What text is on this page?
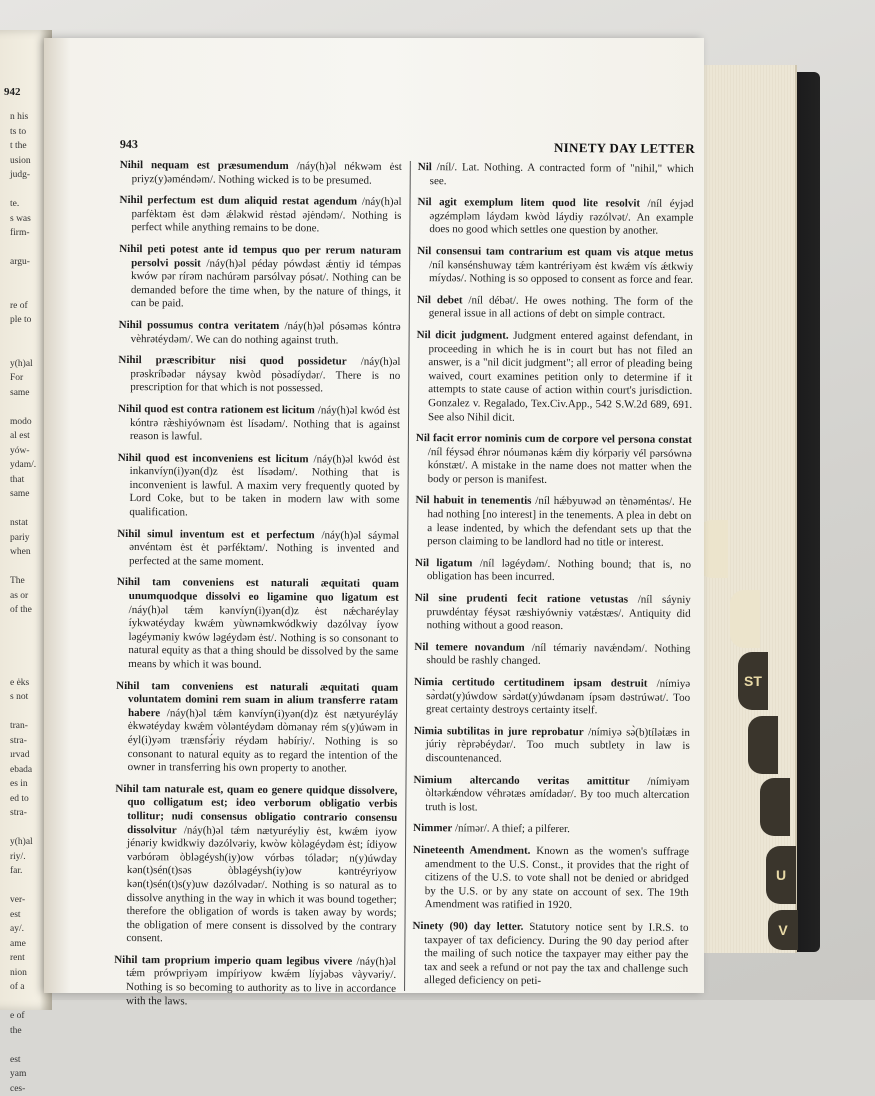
ST
U
V
942
n his
ts to
t the
usion
judg-

te.
s was
firm-

argu-

re of
ple to

y(h)al
For
same

modo
al est
yów-
ydam/.
that
same

nstat
pariy
when

The
as or
of the

e ėks
s not

tran-
stra-
ırvad
ebada
es in
ed to
stra-

y(h)al
riy/.
far.

ver-
est
ay/.
ame
rent
nion
of a

e of
the

est
yam
ces-
943	NINETY DAY LETTER

Nihil nequam est præsumendum /náy(h)əl nékwəm ėst priyz(y)əméndəm/. Nothing wicked is to be presumed.

Nihil perfectum est dum aliquid restat agendum /náy(h)əl parfėktəm ėst dəm ǽləkwid rėstəd əjėndəm/. Nothing is perfect while anything remains to be done.

Nihil peti potest ante id tempus quo per rerum naturam persolvi possit /náy(h)əl péday pówdəst ǽntiy id témpəs kwów pər rírəm nachúrəm parsólvay pósət/. Nothing can be demanded before the time when, by the nature of things, it can be paid.

Nihil possumus contra veritatem /náy(h)əl pósəməs kóntrə vèhrətéydəm/. We can do nothing against truth.

Nihil præscribitur nisi quod possidetur /náy(h)əl prəskríbədər náysay kwòd pòsədíydər/. There is no prescription for that which is not possessed.

Nihil quod est contra rationem est licitum /náy(h)əl kwód ėst kóntrə ræ̀shiyównəm ėst lísədəm/. Nothing that is against reason is lawful.

Nihil quod est inconveniens est licitum /náy(h)əl kwód ėst inkanvíyn(i)yən(d)z ėst lísədəm/. Nothing that is inconvenient is lawful. A maxim very frequently quoted by Lord Coke, but to be taken in modern law with some qualification.

Nihil simul inventum est et perfectum /náy(h)əl sáyməl ənvéntəm ėst ėt pərféktəm/. Nothing is invented and perfected at the same moment.

Nihil tam conveniens est naturali æquitati quam unumquodque dissolvi eo ligamine quo ligatum est /náy(h)əl tǽm kənvíyn(i)yən(d)z ėst nǽcharéylay íykwətéyday kwǽm yùwnəmkwódkwiy dəzólvay íyow ləgéyməniy kwów ləgéydəm ėst/. Nothing is so consonant to natural equity as that a thing should be dissolved by the same means by which it was bound.

Nihil tam conveniens est naturali æquitati quam voluntatem domini rem suam in alium transferre ratam habere /náy(h)əl tǽm kənvíyn(i)yən(d)z ėst nætyuréyláy ėkwətéyday kwǽm vòləntéydəm dòmənay rém s(y)úwəm in éyl(i)yəm trænsfə́riy réydəm həbíriy/. Nothing is so consonant to natural equity as to regard the intention of the owner in transferring his own property to another.

Nihil tam naturale est, quam eo genere quidque dissolvere, quo colligatum est; ideo verborum obligatio verbis tollitur; nudi consensus obligatio contrario consensu dissolvitur /náy(h)əl tǽm nætyuréyliy ėst, kwǽm iyow jénəriy kwidkwiy dəzólvəriy, kwòw kòləgéydəm ėst; ídiyow vərbórəm òbləgéysh(iy)ow vórbəs tóladər; n(y)úwday kən(t)sén(t)səs òbləgéysh(iy)ow kəntréyriyow kən(t)sén(t)s(y)uw dəzólvədər/. Nothing is so natural as to dissolve anything in the way in which it was bound together; therefore the obligation of words is taken away by words; the obligation of mere consent is dissolved by the contrary consent.

Nihil tam proprium imperio quam legibus vivere /náy(h)əl tǽm prówpriyəm impíriyow kwǽm líyjəbəs vàyvəriy/. Nothing is so becoming to authority as to live in accordance with the laws.

Nil /níl/. Lat. Nothing. A contracted form of "nihil," which see.

Nil agit exemplum litem quod lite resolvit /níl éyjəd əgzémpləm láydəm kwòd láydiy rəzólvət/. An example does no good which settles one question by another.

Nil consensui tam contrarium est quam vis atque metus /níl kənsénshuway tǽm kəntrériyəm ėst kwǽm vís ǽtkwiy míydəs/. Nothing is so opposed to consent as force and fear.

Nil debet /níl débət/. He owes nothing. The form of the general issue in all actions of debt on simple contract.

Nil dicit judgment. Judgment entered against defendant, in proceeding in which he is in court but has not filed an answer, is a "nil dicit judgment"; all error of pleading being waived, court examines petition only to determine if it attempts to state cause of action within court's jurisdiction. Gonzalez v. Regalado, Tex.Civ.App., 542 S.W.2d 689, 691. See also Nihil dicit.

Nil facit error nominis cum de corpore vel persona constat /níl féysəd éhrər nóumənəs kǽm diy kórpəriy vél pərsównə kónstæt/. A mistake in the name does not matter when the body or person is manifest.

Nil habuit in tenementis /níl hǽbyuwəd ən tènəméntəs/. He had nothing [no interest] in the tenements. A plea in debt on a lease indented, by which the defendant sets up that the person claiming to be landlord had no title or interest.

Nil ligatum /níl ləgéydəm/. Nothing bound; that is, no obligation has been incurred.

Nil sine prudenti fecit ratione vetustas /níl sáyniy pruwdéntay féysət ræshiyówniy vətǽstæs/. Antiquity did nothing without a good reason.

Nil temere novandum /níl témariy navǽndəm/. Nothing should be rashly changed.

Nimia certitudo certitudinem ipsam destruit /nímiyə sə̀rdət(y)úwdow sə̀rdət(y)úwdənəm ípsəm dəstrúwət/. Too great certainty destroys certainty itself.

Nimia subtilitas in jure reprobatur /nímiyə sə̀(b)tíləṫæs in júriy rèprəbéydər/. Too much subtlety in law is discountenanced.

Nimium altercando veritas amittitur /nímiyəm òltərkǽndow véhrətæs əmídadər/. By too much altercation truth is lost.

Nimmer /nímər/. A thief; a pilferer.

Nineteenth Amendment. Known as the women's suffrage amendment to the U.S. Const., it provides that the right of citizens of the U.S. to vote shall not be denied or abridged by the U.S. or by any state on account of sex. The 19th Amendment was ratified in 1920.

Ninety (90) day letter. Statutory notice sent by I.R.S. to taxpayer of tax deficiency. During the 90 day period after the mailing of such notice the taxpayer may either pay the tax and seek a refund or not pay the tax and challenge such alleged deficiency on peti-
